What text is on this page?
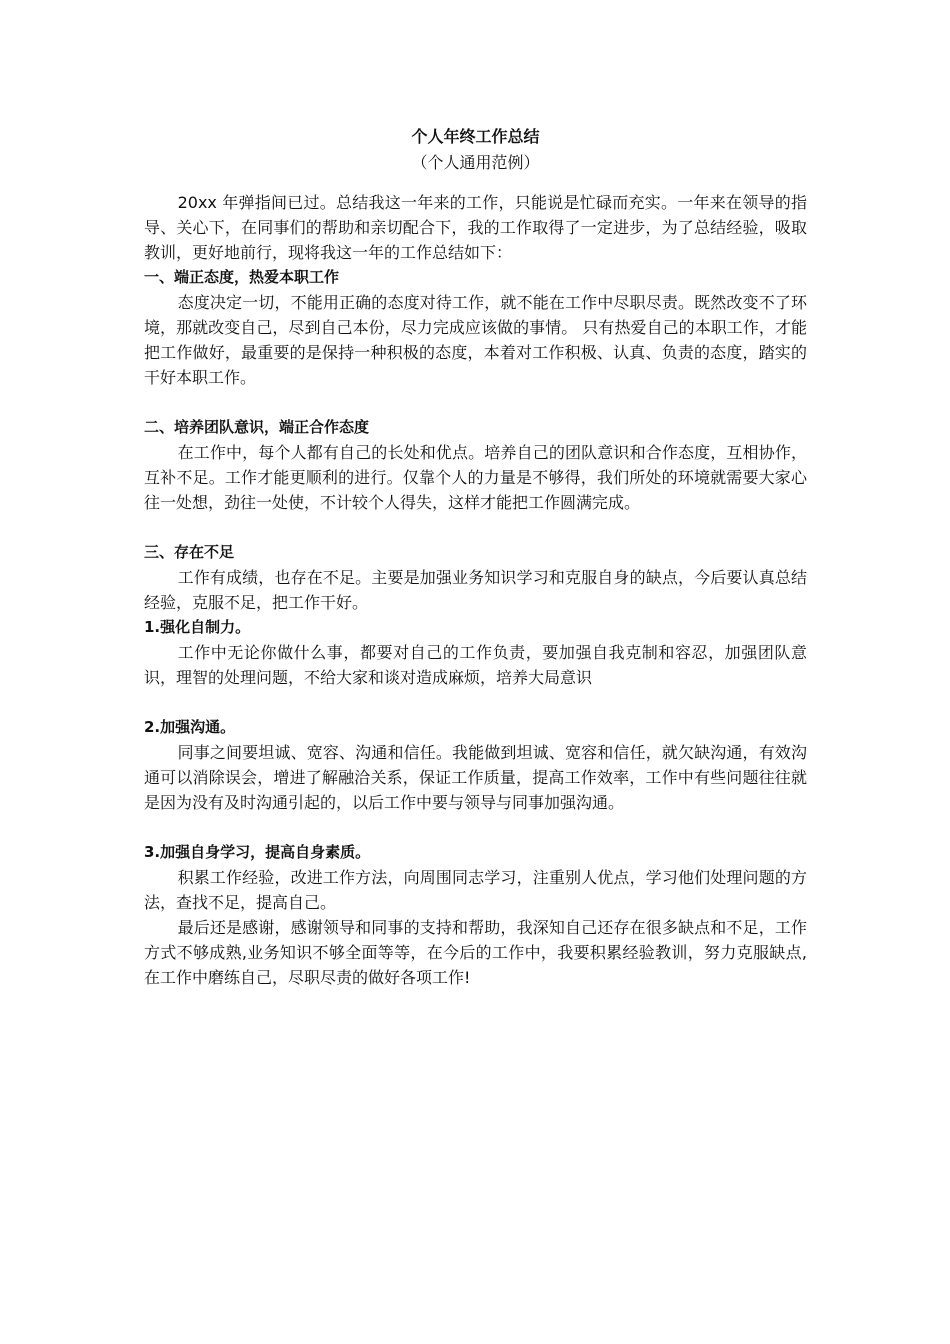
个人年终工作总结

（个人通用范例）

20xx 年弹指间已过。总结我这一年来的工作，只能说是忙碌而充实。一年来在领导的指导、关心下，在同事们的帮助和亲切配合下，我的工作取得了一定进步，为了总结经验，吸取教训，更好地前行，现将我这一年的工作总结如下：

一、端正态度，热爱本职工作

态度决定一切，不能用正确的态度对待工作，就不能在工作中尽职尽责。既然改变不了环境，那就改变自己，尽到自己本份，尽力完成应该做的事情。 只有热爱自己的本职工作，才能把工作做好，最重要的是保持一种积极的态度，本着对工作积极、认真、负责的态度，踏实的干好本职工作。

二、培养团队意识，端正合作态度

在工作中，每个人都有自己的长处和优点。培养自己的团队意识和合作态度，互相协作，互补不足。工作才能更顺利的进行。仅靠个人的力量是不够得，我们所处的环境就需要大家心往一处想，劲往一处使，不计较个人得失，这样才能把工作圆满完成。

三、存在不足

工作有成绩，也存在不足。主要是加强业务知识学习和克服自身的缺点，今后要认真总结经验，克服不足，把工作干好。

1.强化自制力。

工作中无论你做什么事，都要对自己的工作负责，要加强自我克制和容忍，加强团队意识，理智的处理问题，不给大家和谈对造成麻烦，培养大局意识

2.加强沟通。

同事之间要坦诚、宽容、沟通和信任。我能做到坦诚、宽容和信任，就欠缺沟通，有效沟通可以消除误会，增进了解融洽关系，保证工作质量，提高工作效率，工作中有些问题往往就是因为没有及时沟通引起的，以后工作中要与领导与同事加强沟通。

3.加强自身学习，提高自身素质。

积累工作经验，改进工作方法，向周围同志学习，注重别人优点，学习他们处理问题的方法，查找不足，提高自己。

最后还是感谢，感谢领导和同事的支持和帮助，我深知自己还存在很多缺点和不足，工作方式不够成熟,业务知识不够全面等等，在今后的工作中，我要积累经验教训，努力克服缺点,在工作中磨练自己，尽职尽责的做好各项工作!
